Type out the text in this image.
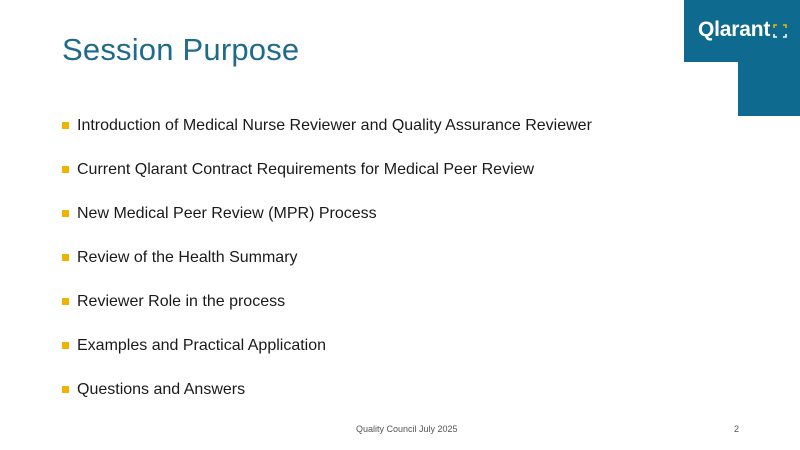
Session Purpose
Qlarant
Introduction of Medical Nurse Reviewer and Quality Assurance Reviewer
Current Qlarant Contract Requirements for Medical Peer Review
New Medical Peer Review (MPR) Process
Review of the Health Summary
Reviewer Role in the process
Examples and Practical Application
Questions and Answers
Quality Council July 2025	2
